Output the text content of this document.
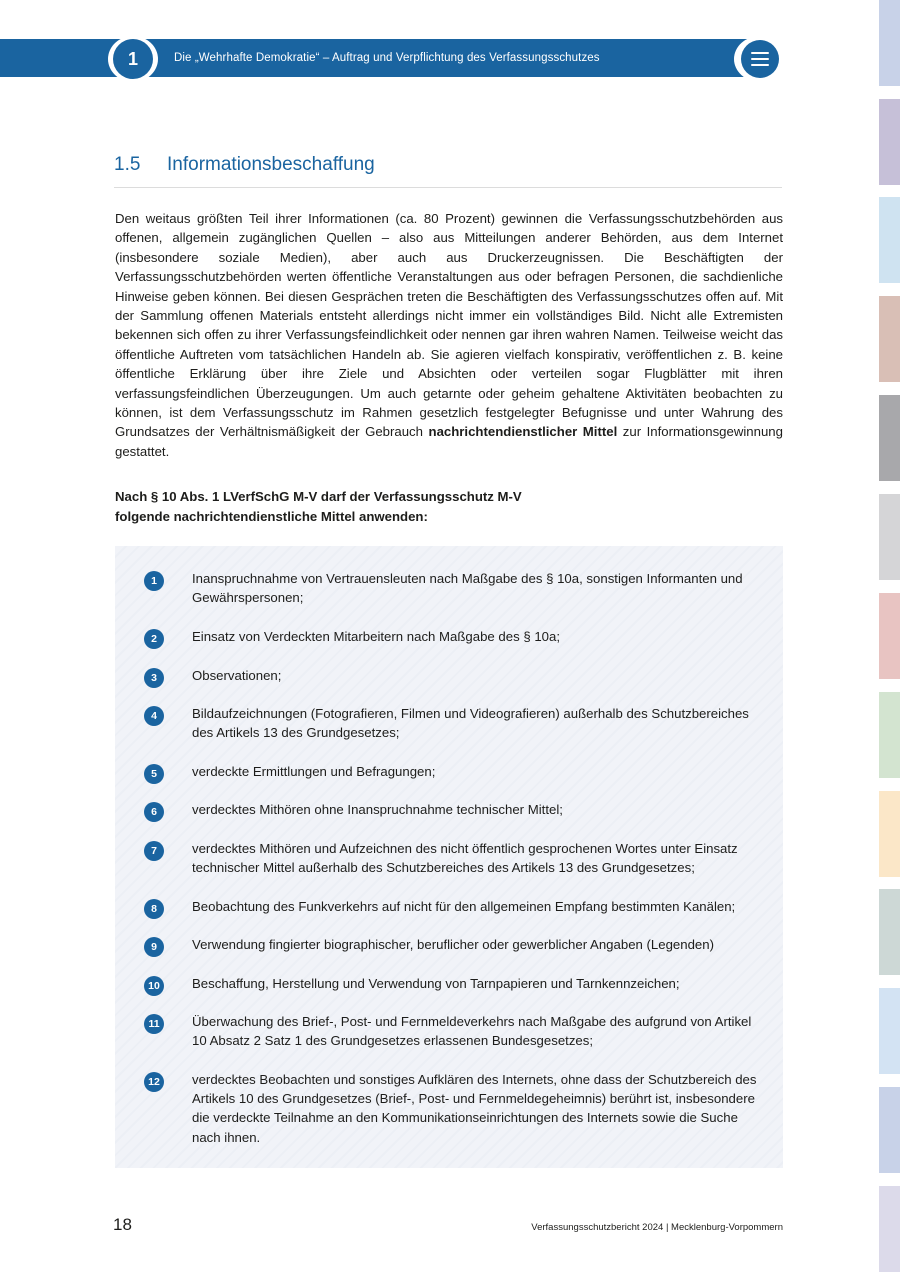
1	Die „Wehrhafte Demokratie“ – Auftrag und Verpflichtung des Verfassungsschutzes
1.5 Informationsbeschaffung
Den weitaus größten Teil ihrer Informationen (ca. 80 Prozent) gewinnen die Verfassungsschutzbehörden aus offenen, allgemein zugänglichen Quellen – also aus Mitteilungen anderer Behörden, aus dem Internet (insbesondere soziale Medien), aber auch aus Druckerzeugnissen. Die Beschäftigten der Verfassungsschutzbehörden werten öffentliche Veranstaltungen aus oder befragen Personen, die sachdienliche Hinweise geben können. Bei diesen Gesprächen treten die Beschäftigten des Verfassungsschutzes offen auf. Mit der Sammlung offenen Materials entsteht allerdings nicht immer ein vollständiges Bild. Nicht alle Extremisten bekennen sich offen zu ihrer Verfassungsfeindlichkeit oder nennen gar ihren wahren Namen. Teilweise weicht das öffentliche Auftreten vom tatsächlichen Handeln ab. Sie agieren vielfach konspirativ, veröffentlichen z. B. keine öffentliche Erklärung über ihre Ziele und Absichten oder verteilen sogar Flugblätter mit ihren verfassungsfeindlichen Überzeugungen. Um auch getarnte oder geheim gehaltene Aktivitäten beobachten zu können, ist dem Verfassungsschutz im Rahmen gesetzlich festgelegter Befugnisse und unter Wahrung des Grundsatzes der Verhältnismäßigkeit der Gebrauch nachrichtendienstlicher Mittel zur Informationsgewinnung gestattet.
Nach § 10 Abs. 1 LVerfSchG M-V darf der Verfassungsschutz M-V
folgende nachrichtendienstliche Mittel anwenden:
1	Inanspruchnahme von Vertrauensleuten nach Maßgabe des § 10a, sonstigen Informanten und Gewährspersonen;
2	Einsatz von Verdeckten Mitarbeitern nach Maßgabe des § 10a;
3	Observationen;
4	Bildaufzeichnungen (Fotografieren, Filmen und Videografieren) außerhalb des Schutzbereiches des Artikels 13 des Grundgesetzes;
5	verdeckte Ermittlungen und Befragungen;
6	verdecktes Mithören ohne Inanspruchnahme technischer Mittel;
7	verdecktes Mithören und Aufzeichnen des nicht öffentlich gesprochenen Wortes unter Einsatz technischer Mittel außerhalb des Schutzbereiches des Artikels 13 des Grundgesetzes;
8	Beobachtung des Funkverkehrs auf nicht für den allgemeinen Empfang bestimmten Kanälen;
9	Verwendung fingierter biographischer, beruflicher oder gewerblicher Angaben (Legenden)
10	Beschaffung, Herstellung und Verwendung von Tarnpapieren und Tarnkennzeichen;
11	Überwachung des Brief-, Post- und Fernmeldeverkehrs nach Maßgabe des aufgrund von Artikel 10 Absatz 2 Satz 1 des Grundgesetzes erlassenen Bundesgesetzes;
12	verdecktes Beobachten und sonstiges Aufklären des Internets, ohne dass der Schutzbereich des Artikels 10 des Grundgesetzes (Brief-, Post- und Fernmeldegeheimnis) berührt ist, insbesondere die verdeckte Teilnahme an den Kommunikationseinrichtungen des Internets sowie die Suche nach ihnen.
18	Verfassungsschutzbericht 2024 | Mecklenburg-Vorpommern
